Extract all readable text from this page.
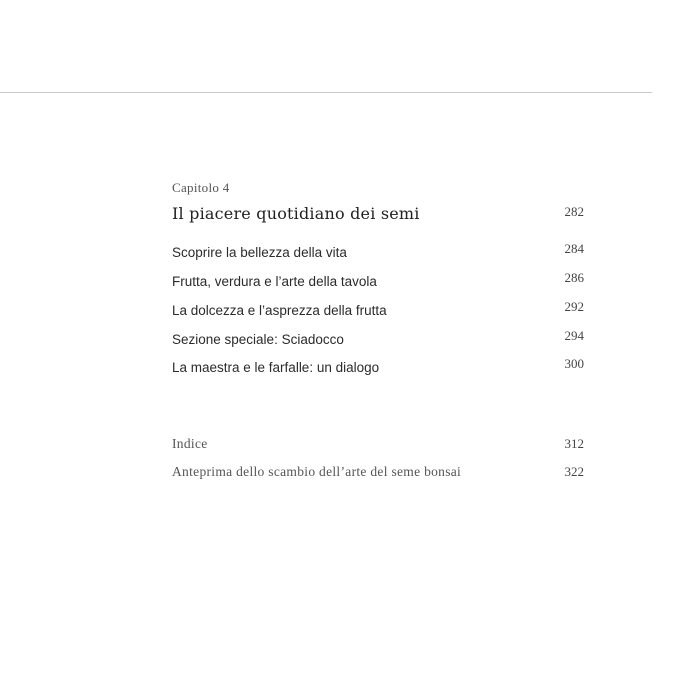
Capitolo 4
Il piacere quotidiano dei semi	282
Scoprire la bellezza della vita	284
Frutta, verdura e l’arte della tavola	286
La dolcezza e l’asprezza della frutta	292
Sezione speciale: Sciadocco	294
La maestra e le farfalle: un dialogo	300
Indice	312
Anteprima dello scambio dell’arte del seme bonsai	322
